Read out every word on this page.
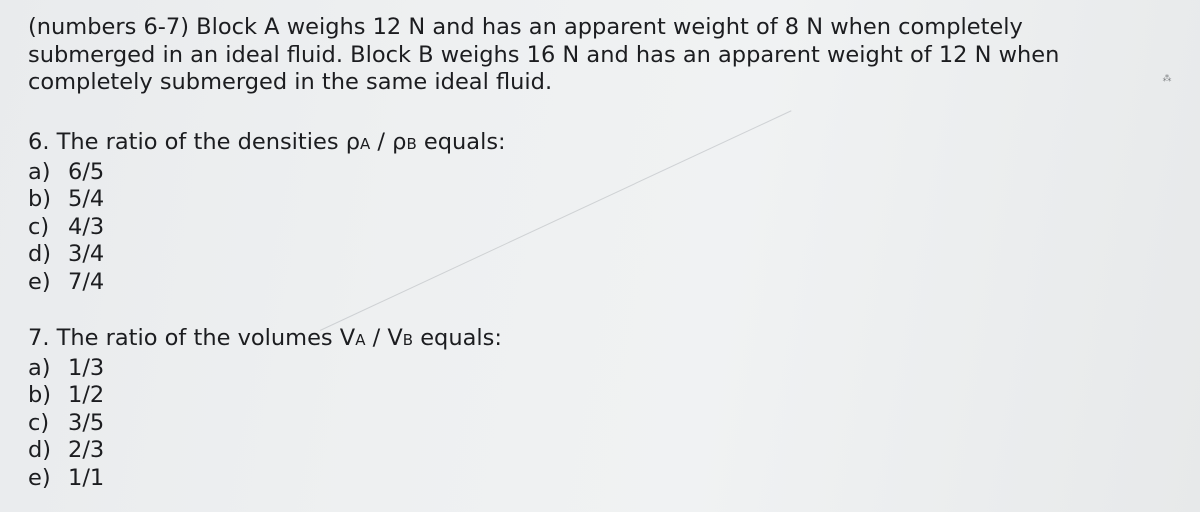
(numbers 6-7) Block A weighs 12 N and has an apparent weight of 8 N when completely
submerged in an ideal fluid. Block B weighs 16 N and has an apparent weight of 12 N when
completely submerged in the same ideal fluid.	⁂
6. The ratio of the densities ρA / ρB equals:
a) 6/5
b) 5/4
c) 4/3
d) 3/4
e) 7/4
7. The ratio of the volumes VA / VB equals:
a) 1/3
b) 1/2
c) 3/5
d) 2/3
e) 1/1
